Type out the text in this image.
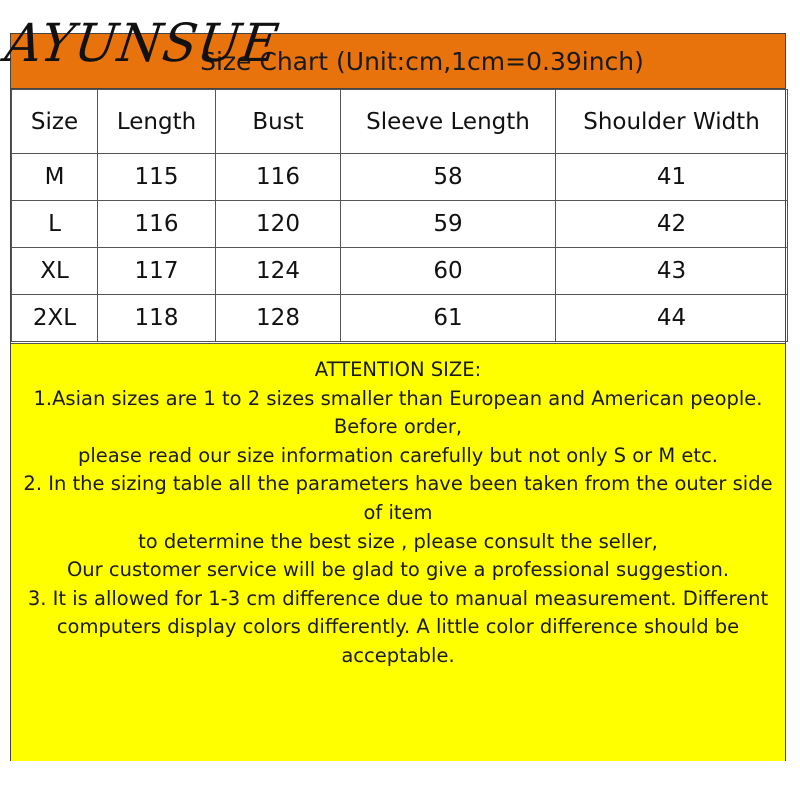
Size Chart (Unit:cm,1cm=0.39inch)
Size	Length	Bust	Sleeve Length	Shoulder Width
M	115	116	58	41
L	116	120	59	42
XL	117	124	60	43
2XL	118	128	61	44
ATTENTION SIZE:
1.Asian sizes are 1 to 2 sizes smaller than European and American people. Before order,
please read our size information carefully but not only S or M etc.
2. In the sizing table all the parameters have been taken from the outer side of item
to determine the best size , please consult the seller,
Our customer service will be glad to give a professional suggestion.
3. It is allowed for 1-3 cm difference due to manual measurement. Different
computers display colors differently. A little color difference should be acceptable.
AYUNSUE
